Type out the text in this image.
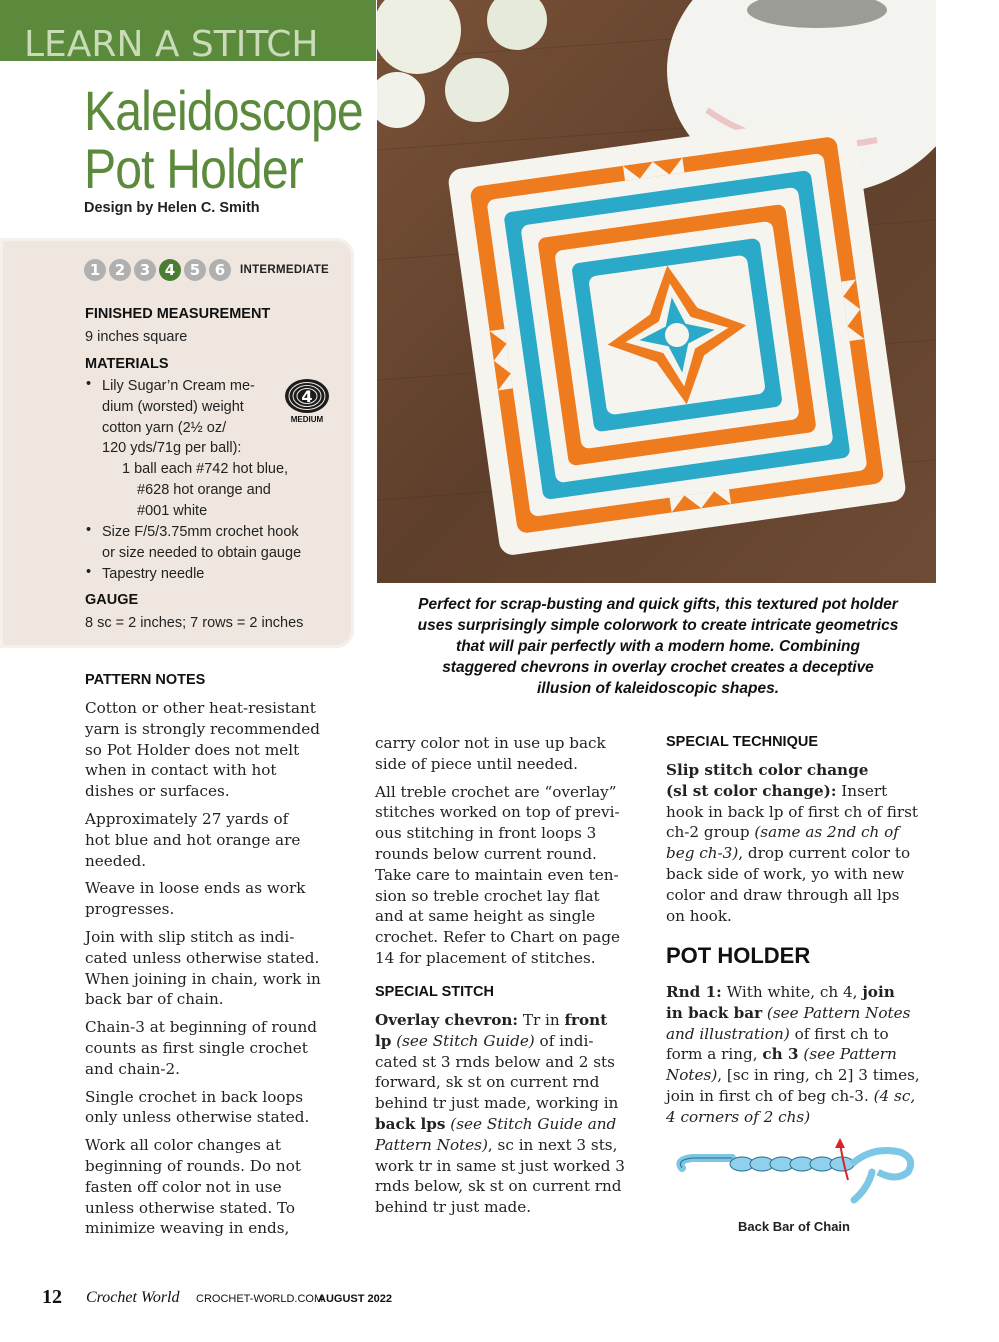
LEARN A STITCH
Kaleidoscope
Pot Holder
Design by Helen C. Smith
1 2 3 4 5 6	INTERMEDIATE
FINISHED MEASUREMENT
9 inches square
MATERIALS
• Lily Sugar’n Cream me-
dium (worsted) weight
cotton yarn (2½ oz/
120 yds/71g per ball):
1 ball each #742 hot blue,
#628 hot orange and
#001 white
• Size F/5/3.75mm crochet hook
or size needed to obtain gauge
• Tapestry needle
4
MEDIUM
GAUGE
8 sc = 2 inches; 7 rows = 2 inches
Perfect for scrap-busting and quick gifts, this textured pot holder
uses surprisingly simple colorwork to create intricate geometrics
that will pair perfectly with a modern home. Combining
staggered chevrons in overlay crochet creates a deceptive
illusion of kaleidoscopic shapes.
PATTERN NOTES

Cotton or other heat-resistant
yarn is strongly recommended
so Pot Holder does not melt
when in contact with hot
dishes or surfaces.

Approximately 27 yards of
hot blue and hot orange are
needed.

Weave in loose ends as work
progresses.

Join with slip stitch as indi-
cated unless otherwise stated.
When joining in chain, work in
back bar of chain.

Chain-3 at beginning of round
counts as first single crochet
and chain-2.

Single crochet in back loops
only unless otherwise stated.

Work all color changes at
beginning of rounds. Do not
fasten off color not in use
unless otherwise stated. To
minimize weaving in ends,

carry color not in use up back
side of piece until needed.

All treble crochet are “overlay”
stitches worked on top of previ-
ous stitching in front loops 3
rounds below current round.
Take care to maintain even ten-
sion so treble crochet lay flat
and at same height as single
crochet. Refer to Chart on page
14 for placement of stitches.

SPECIAL STITCH
Overlay chevron: Tr in front
lp (see Stitch Guide) of indi-
cated st 3 rnds below and 2 sts
forward, sk st on current rnd
behind tr just made, working in
back lps (see Stitch Guide and
Pattern Notes), sc in next 3 sts,
work tr in same st just worked 3
rnds below, sk st on current rnd
behind tr just made.
SPECIAL TECHNIQUE
Slip stitch color change
(sl st color change): Insert
hook in back lp of first ch of first
ch-2 group (same as 2nd ch of
beg ch-3), drop current color to
back side of work, yo with new
color and draw through all lps
on hook.
POT HOLDER
Rnd 1: With white, ch 4, join
in back bar (see Pattern Notes
and illustration) of first ch to
form a ring, ch 3 (see Pattern
Notes), [sc in ring, ch 2] 3 times,
join in first ch of beg ch-3. (4 sc,
4 corners of 2 chs)
Back Bar of Chain
12 Crochet World CROCHET-WORLD.COM
AUGUST 2022
